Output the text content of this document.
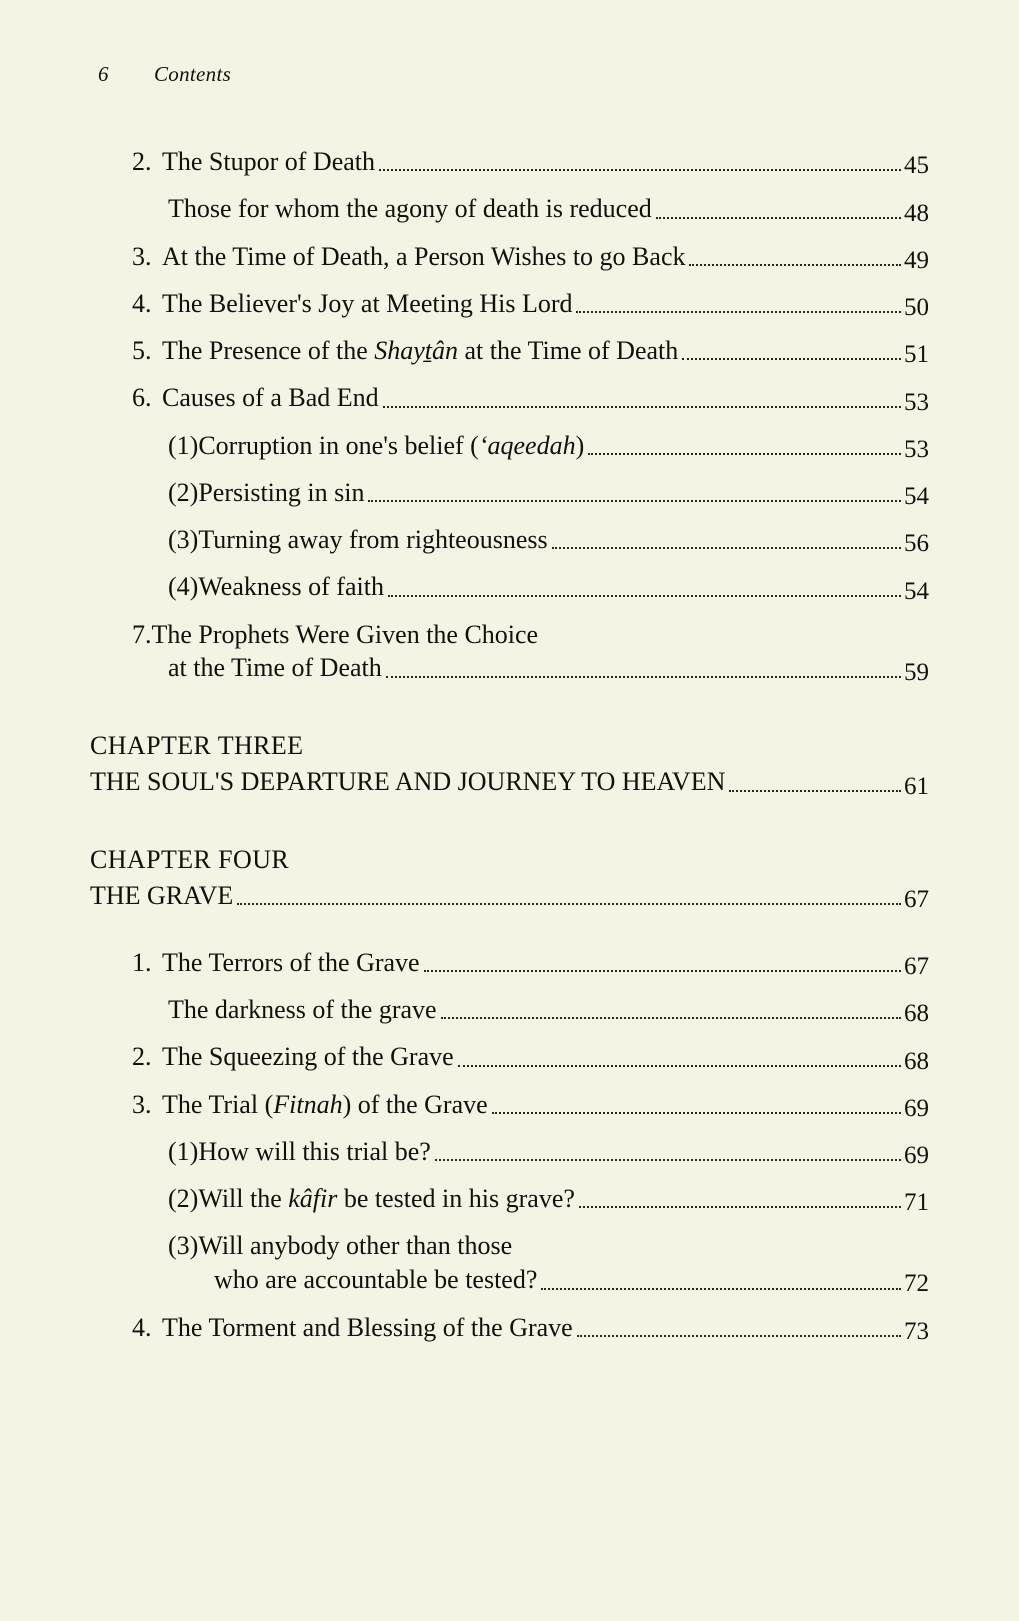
6	Contents
2. The Stupor of Death	45
Those for whom the agony of death is reduced	48
3. At the Time of Death, a Person Wishes to go Back	49
4. The Believer's Joy at Meeting His Lord	50
5. The Presence of the Shayṯân at the Time of Death	51
6. Causes of a Bad End	53
(1)Corruption in one's belief (‘aqeedah)	53
(2)Persisting in sin	54
(3)Turning away from righteousness	56
(4)Weakness of faith	54
7.The Prophets Were Given the Choice
at the Time of Death	59
CHAPTER THREE
THE SOUL'S DEPARTURE AND JOURNEY TO HEAVEN	61
CHAPTER FOUR
THE GRAVE	67
1. The Terrors of the Grave	67
The darkness of the grave	68
2. The Squeezing of the Grave	68
3. The Trial (Fitnah) of the Grave	69
(1)How will this trial be?	69
(2)Will the kâfir be tested in his grave?	71
(3)Will anybody other than those
who are accountable be tested?	72
4. The Torment and Blessing of the Grave	73
